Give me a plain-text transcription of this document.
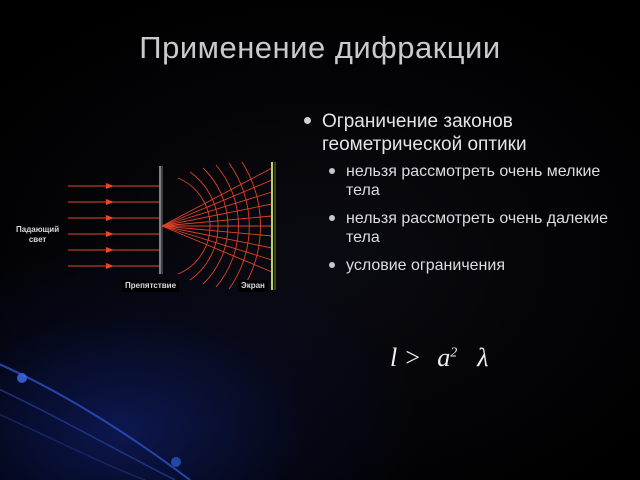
Применение дифракции
Ограничение законов геометрической оптики
нельзя рассмотреть очень мелкие тела
нельзя рассмотреть очень далекие тела
условие ограничения
$l > a^2$ λ
Падающий
свет
Препятствие	Экран
